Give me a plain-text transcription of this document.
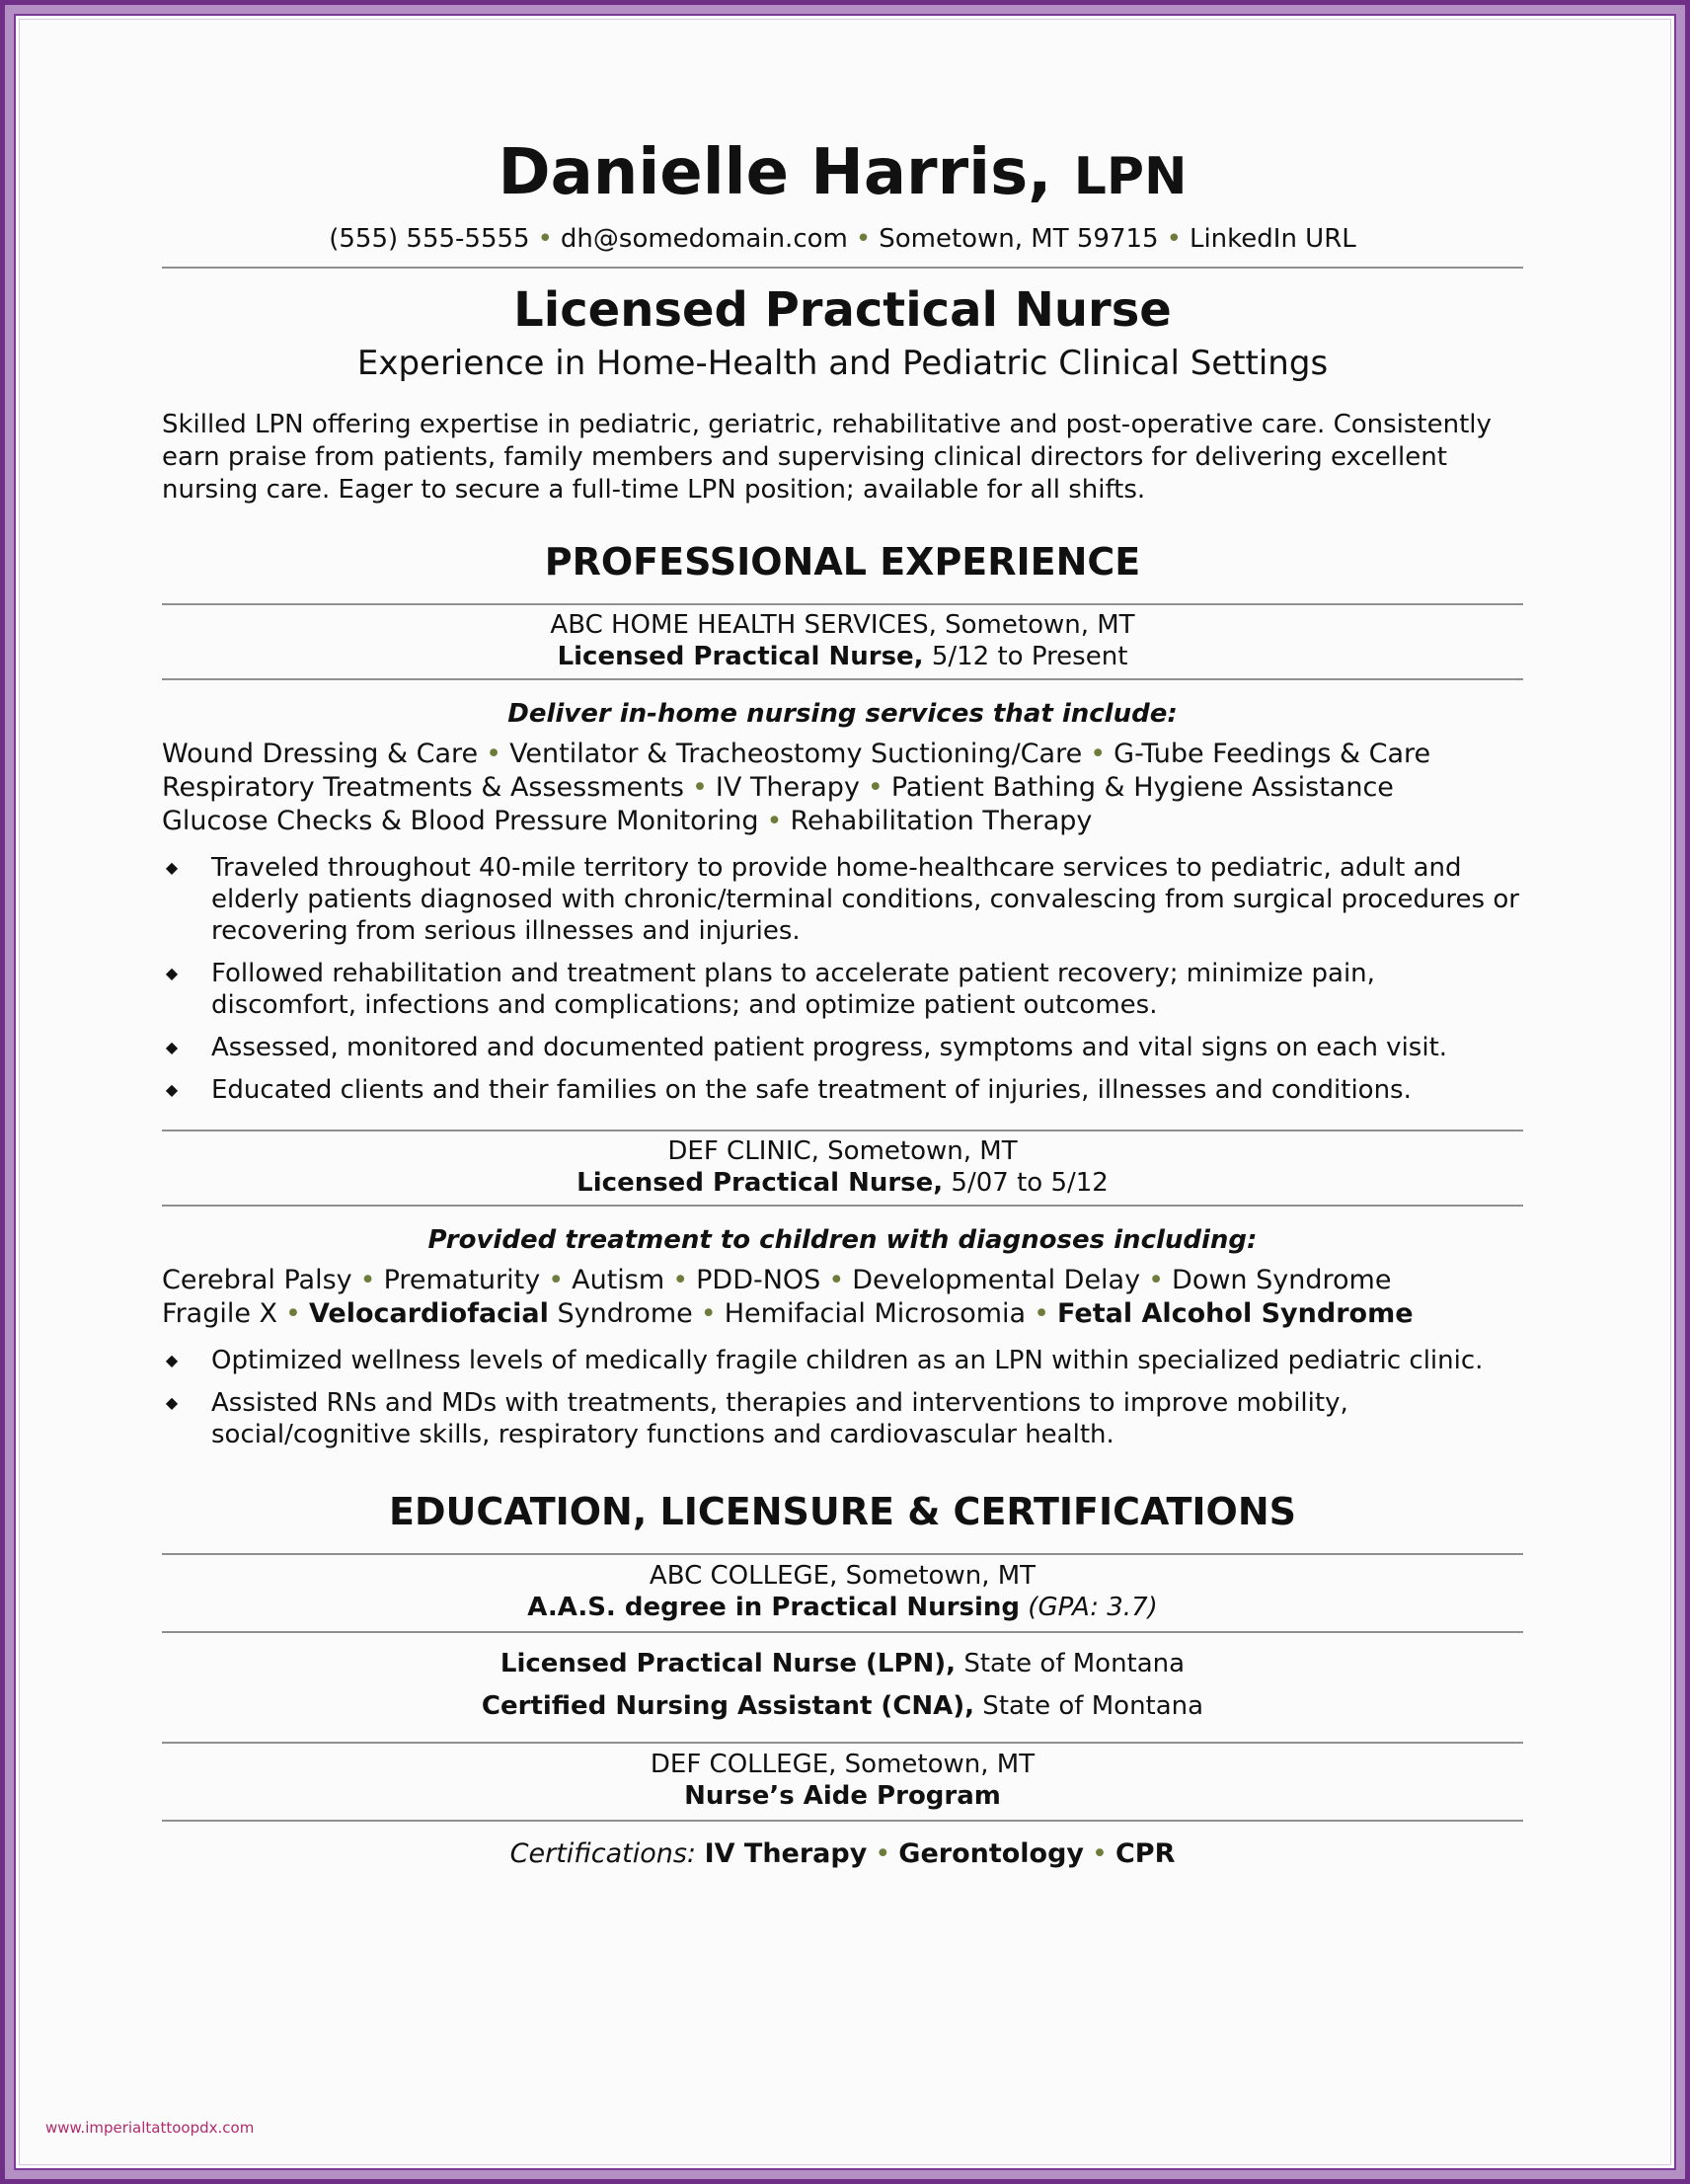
Danielle Harris, LPN
(555) 555-5555 • dh@somedomain.com • Sometown, MT 59715 • LinkedIn URL
Licensed Practical Nurse
Experience in Home-Health and Pediatric Clinical Settings
Skilled LPN offering expertise in pediatric, geriatric, rehabilitative and post-operative care. Consistently earn praise from patients, family members and supervising clinical directors for delivering excellent nursing care. Eager to secure a full-time LPN position; available for all shifts.
PROFESSIONAL EXPERIENCE
ABC HOME HEALTH SERVICES, Sometown, MT
Licensed Practical Nurse, 5/12 to Present
Deliver in-home nursing services that include:
Wound Dressing & Care • Ventilator & Tracheostomy Suctioning/Care • G-Tube Feedings & Care
Respiratory Treatments & Assessments • IV Therapy • Patient Bathing & Hygiene Assistance
Glucose Checks & Blood Pressure Monitoring • Rehabilitation Therapy
◆ Traveled throughout 40-mile territory to provide home-healthcare services to pediatric, adult and elderly patients diagnosed with chronic/terminal conditions, convalescing from surgical procedures or recovering from serious illnesses and injuries.
◆ Followed rehabilitation and treatment plans to accelerate patient recovery; minimize pain, discomfort, infections and complications; and optimize patient outcomes.
◆ Assessed, monitored and documented patient progress, symptoms and vital signs on each visit.
◆ Educated clients and their families on the safe treatment of injuries, illnesses and conditions.
DEF CLINIC, Sometown, MT
Licensed Practical Nurse, 5/07 to 5/12
Provided treatment to children with diagnoses including:
Cerebral Palsy • Prematurity • Autism • PDD-NOS • Developmental Delay • Down Syndrome
Fragile X • Velocardiofacial Syndrome • Hemifacial Microsomia • Fetal Alcohol Syndrome
◆ Optimized wellness levels of medically fragile children as an LPN within specialized pediatric clinic.
◆ Assisted RNs and MDs with treatments, therapies and interventions to improve mobility, social/cognitive skills, respiratory functions and cardiovascular health.
EDUCATION, LICENSURE & CERTIFICATIONS
ABC COLLEGE, Sometown, MT
A.A.S. degree in Practical Nursing (GPA: 3.7)
Licensed Practical Nurse (LPN), State of Montana
Certified Nursing Assistant (CNA), State of Montana
DEF COLLEGE, Sometown, MT
Nurse’s Aide Program
Certifications: IV Therapy • Gerontology • CPR
www.imperialtattoopdx.com
